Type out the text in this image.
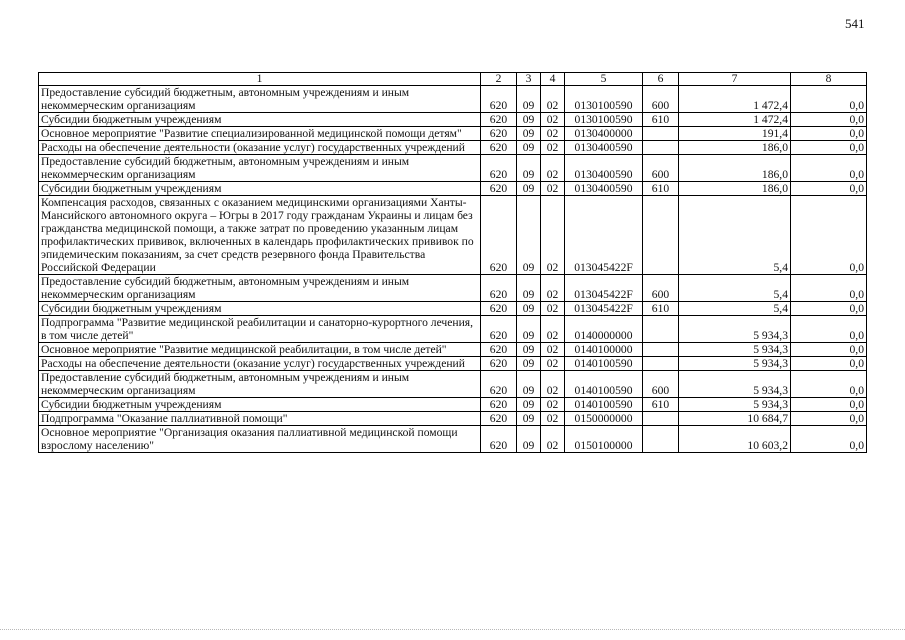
541
1	2	3	4	5	6	7	8
Предоставление субсидий бюджетным, автономным учреждениям и иным некоммерческим организациям	620	09	02	0130100590	600	1 472,4	0,0
Субсидии бюджетным учреждениям	620	09	02	0130100590	610	1 472,4	0,0
Основное мероприятие "Развитие специализированной медицинской помощи детям"	620	09	02	0130400000		191,4	0,0
Расходы на обеспечение деятельности (оказание услуг) государственных учреждений	620	09	02	0130400590		186,0	0,0
Предоставление субсидий бюджетным, автономным учреждениям и иным некоммерческим организациям	620	09	02	0130400590	600	186,0	0,0
Субсидии бюджетным учреждениям	620	09	02	0130400590	610	186,0	0,0
Компенсация расходов, связанных с оказанием медицинскими организациями Ханты-Мансийского автономного округа – Югры в 2017 году гражданам Украины и лицам без гражданства медицинской помощи, а также затрат по проведению указанным лицам профилактических прививок, включенных в календарь профилактических прививок по эпидемическим показаниям, за счет средств резервного фонда Правительства Российской Федерации	620	09	02	013045422F		5,4	0,0
Предоставление субсидий бюджетным, автономным учреждениям и иным некоммерческим организациям	620	09	02	013045422F	600	5,4	0,0
Субсидии бюджетным учреждениям	620	09	02	013045422F	610	5,4	0,0
Подпрограмма "Развитие медицинской реабилитации и санаторно-курортного лечения, в том числе детей"	620	09	02	0140000000		5 934,3	0,0
Основное мероприятие "Развитие медицинской реабилитации, в том числе детей"	620	09	02	0140100000		5 934,3	0,0
Расходы на обеспечение деятельности (оказание услуг) государственных учреждений	620	09	02	0140100590		5 934,3	0,0
Предоставление субсидий бюджетным, автономным учреждениям и иным некоммерческим организациям	620	09	02	0140100590	600	5 934,3	0,0
Субсидии бюджетным учреждениям	620	09	02	0140100590	610	5 934,3	0,0
Подпрограмма "Оказание паллиативной помощи"	620	09	02	0150000000		10 684,7	0,0
Основное мероприятие "Организация оказания паллиативной медицинской помощи взрослому населению"	620	09	02	0150100000		10 603,2	0,0
